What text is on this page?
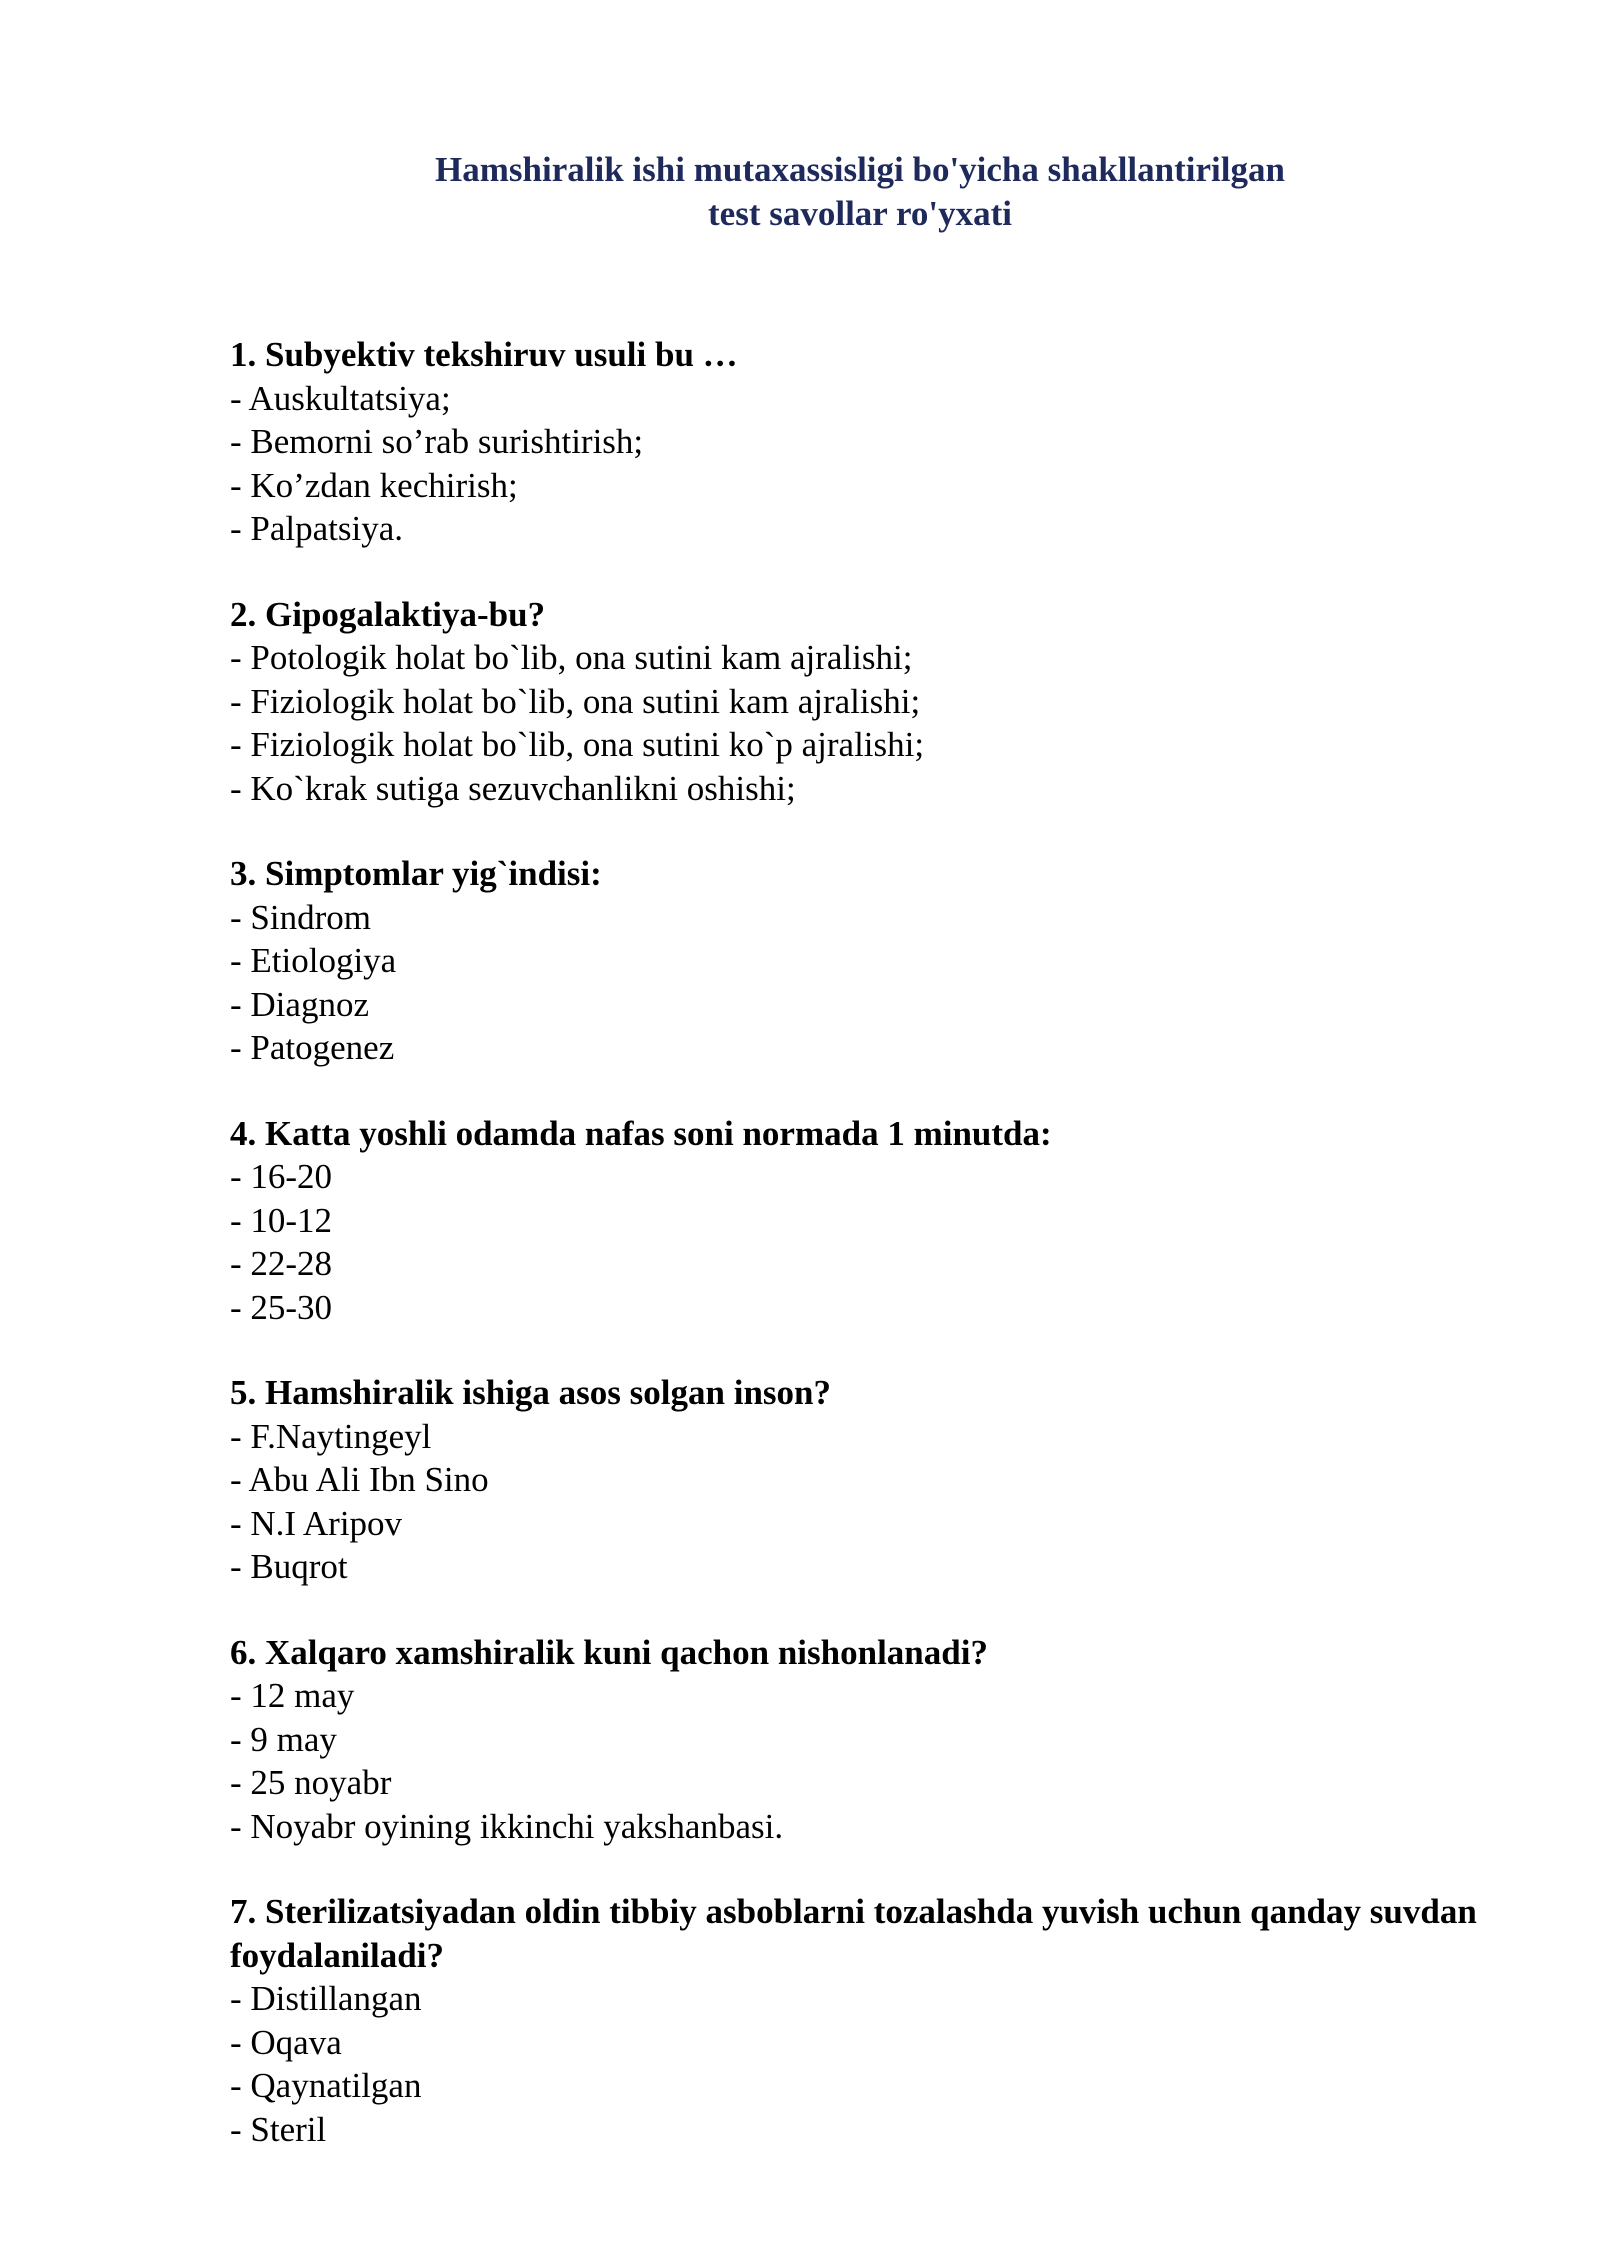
Hamshiralik ishi mutaxassisligi bo'yicha shakllantirilgan
test savollar ro'yxati

1. Subyektiv tekshiruv usuli bu …

- Auskultatsiya;
- Bemorni so’rab surishtirish;
- Ko’zdan kechirish;
- Palpatsiya.

2. Gipogalaktiya-bu?

- Potologik holat bo`lib, ona sutini kam ajralishi;
- Fiziologik holat bo`lib, ona sutini kam ajralishi;
- Fiziologik holat bo`lib, ona sutini ko`p ajralishi;
- Ko`krak sutiga sezuvchanlikni oshishi;

3. Simptomlar yig`indisi:

- Sindrom
- Etiologiya
- Diagnoz
- Patogenez

4. Katta yoshli odamda nafas soni normada 1 minutda:

- 16-20
- 10-12
- 22-28
- 25-30

5. Hamshiralik ishiga asos solgan inson?

- F.Naytingeyl
- Abu Ali Ibn Sino
- N.I Aripov
- Buqrot

6. Xalqaro xamshiralik kuni qachon nishonlanadi?

- 12 may
- 9 may
- 25 noyabr
- Noyabr oyining ikkinchi yakshanbasi.

7. Sterilizatsiyadan oldin tibbiy asboblarni tozalashda yuvish uchun qanday suvdan foydalaniladi?

- Distillangan
- Oqava
- Qaynatilgan
- Steril
